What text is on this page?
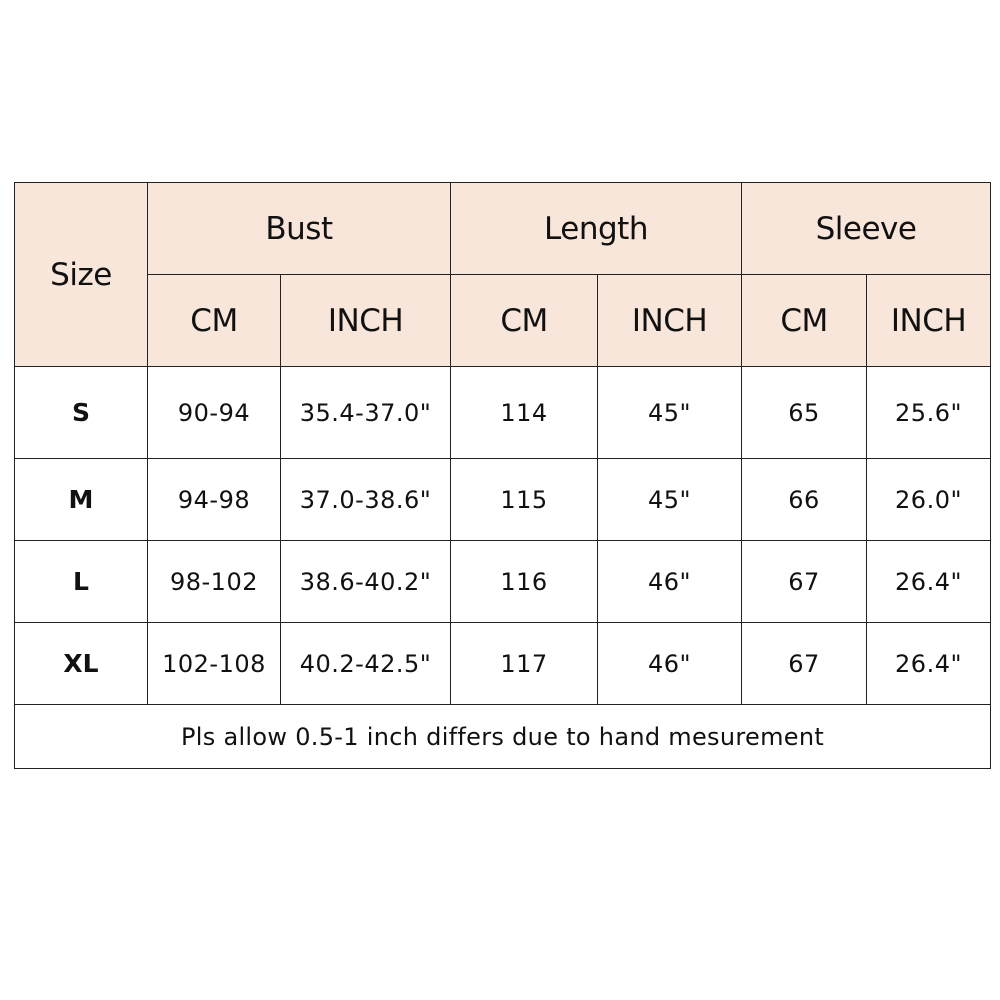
Size	Bust		Length		Sleeve	
	CM	INCH	CM	INCH	CM	INCH
S	90-94	35.4-37.0"	114	45"	65	25.6"
M	94-98	37.0-38.6"	115	45"	66	26.0"
L	98-102	38.6-40.2"	116	46"	67	26.4"
XL	102-108	40.2-42.5"	117	46"	67	26.4"
Pls allow 0.5-1 inch differs due to hand mesurement						
